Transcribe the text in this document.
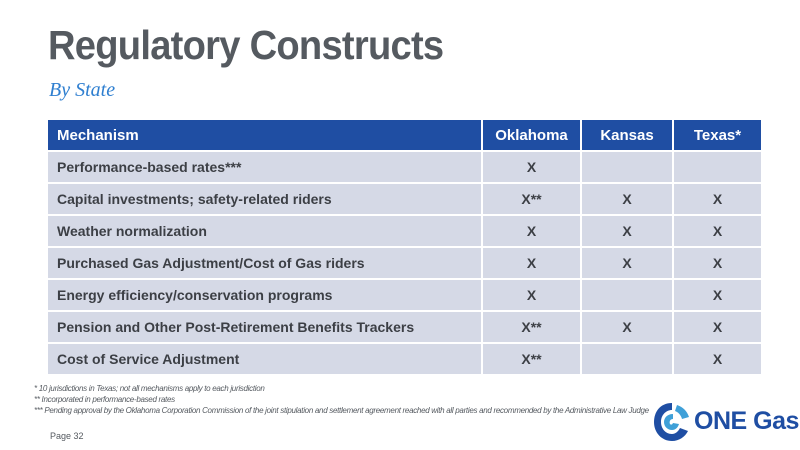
Regulatory Constructs
By State
Mechanism	Oklahoma	Kansas	Texas*
Performance-based rates***	X		
Capital investments; safety-related riders	X**	X	X
Weather normalization	X	X	X
Purchased Gas Adjustment/Cost of Gas riders	X	X	X
Energy efficiency/conservation programs	X		X
Pension and Other Post-Retirement Benefits Trackers	X**	X	X
Cost of Service Adjustment	X**		X
* 10 jurisdictions in Texas; not all mechanisms apply to each jurisdiction
** Incorporated in performance-based rates
*** Pending approval by the Oklahoma Corporation Commission of the joint stipulation and settlement agreement reached with all parties and recommended by the Administrative Law Judge
Page 32
ONE Gas
